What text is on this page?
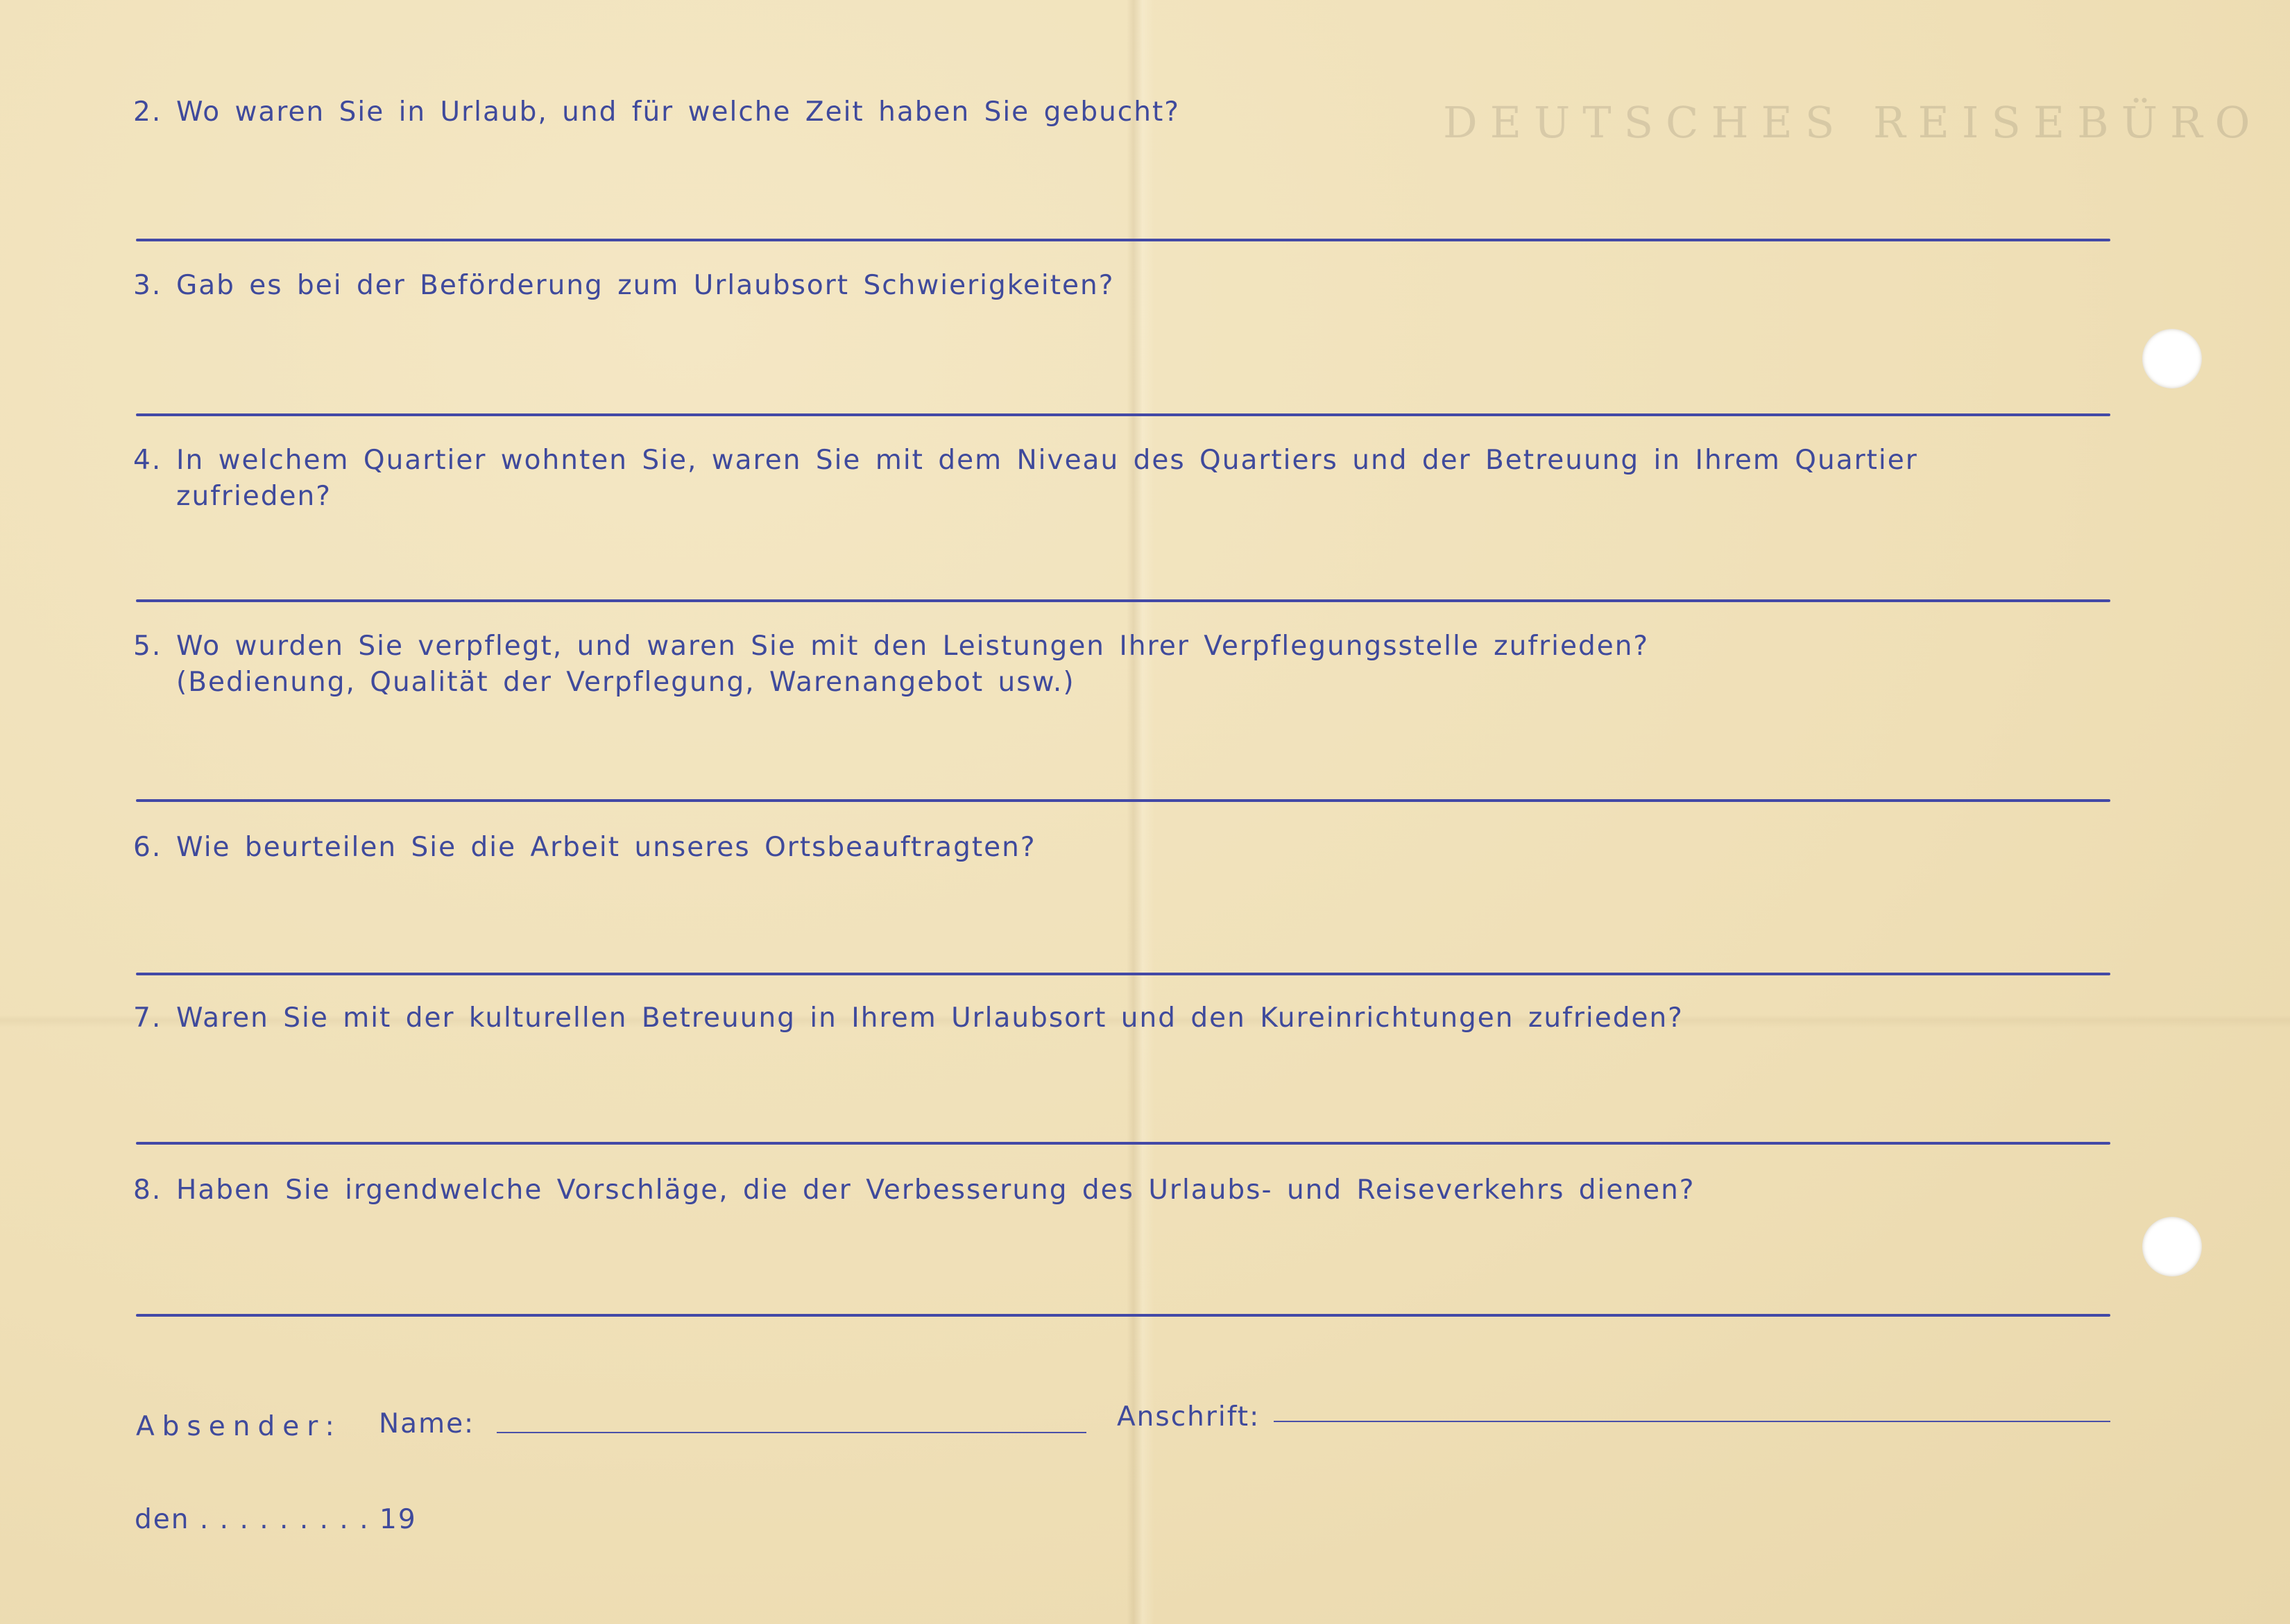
DEUTSCHES REISEBÜRO
2. Wo waren Sie in Urlaub, und für welche Zeit haben Sie gebucht?
3. Gab es bei der Beförderung zum Urlaubsort Schwierigkeiten?
4. In welchem Quartier wohnten Sie, waren Sie mit dem Niveau des Quartiers und der Betreuung in Ihrem Quartier
zufrieden?
5. Wo wurden Sie verpflegt, und waren Sie mit den Leistungen Ihrer Verpflegungsstelle zufrieden?
(Bedienung, Qualität der Verpflegung, Warenangebot usw.)
6. Wie beurteilen Sie die Arbeit unseres Ortsbeauftragten?
7. Waren Sie mit der kulturellen Betreuung in Ihrem Urlaubsort und den Kureinrichtungen zufrieden?
8. Haben Sie irgendwelche Vorschläge, die der Verbesserung des Urlaubs- und Reiseverkehrs dienen?
Absender: Name:	Anschrift:
den . . . . . . . . . 19
